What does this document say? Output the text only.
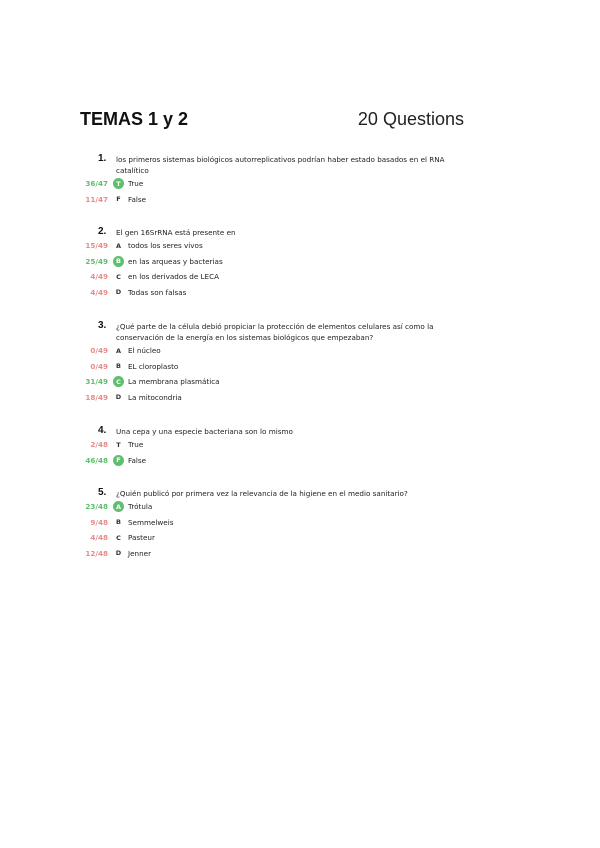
TEMAS 1 y 2	20 Questions
1.	los primeros sistemas biológicos autorreplicativos podrían haber estado basados en el RNA catalítico
36/47	T	True
11/47	F	False
2.	El gen 16SrRNA está presente en
15/49	A todos los seres vivos
25/49	B en las arqueas y bacterias
4/49	C en los derivados de LECA
4/49	D Todas son falsas
3.	¿Qué parte de la célula debió propiciar la protección de elementos celulares así como la conservación de la energía en los sistemas biológicos que empezaban?
0/49	A El núcleo
0/49	B EL cloroplasto
31/49	C La membrana plasmática
18/49	D La mitocondria
4.	Una cepa y una especie bacteriana son lo mismo
2/48	T	True
46/48	F	False
5.	¿Quién publicó por primera vez la relevancia de la higiene en el medio sanitario?
23/48	A Trótula
9/48	B Semmelweis
4/48	C Pasteur
12/48	D Jenner
